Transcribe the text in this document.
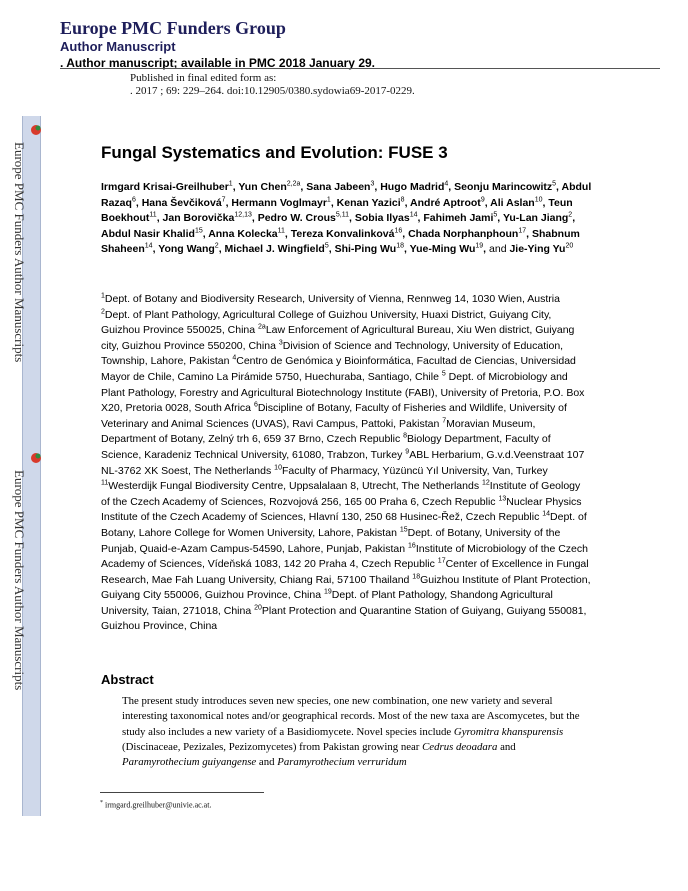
Europe PMC Funders Author Manuscripts
Europe PMC Funders Author Manuscripts
Europe PMC Funders Group
Author Manuscript
. Author manuscript; available in PMC 2018 January 29.
Published in final edited form as:
. 2017 ; 69: 229–264. doi:10.12905/0380.sydowia69-2017-0229.
Fungal Systematics and Evolution: FUSE 3
Irmgard Krisai-Greilhuber$^1$, Yun Chen$^{2,2a}$, Sana Jabeen$^3$, Hugo Madrid$^4$, Seonju Marincowitz$^5$, Abdul Razaq$^6$, Hana Ševčiková$^7$, Hermann Voglmayr$^1$, Kenan Yazici$^8$, André Aptroot$^9$, Ali Aslan$^{10}$, Teun Boekhout$^{11}$, Jan Borovička$^{12,13}$, Pedro W. Crous$^{5,11}$, Sobia Ilyas$^{14}$, Fahimeh Jami$^5$, Yu-Lan Jiang$^2$, Abdul Nasir Khalid$^{15}$, Anna Kolecka$^{11}$, Tereza Konvalinková$^{16}$, Chada Norphanphoun$^{17}$, Shabnum Shaheen$^{14}$, Yong Wang$^2$, Michael J. Wingfield$^5$, Shi-Ping Wu$^{18}$, Yue-Ming Wu$^{19}$, and Jie-Ying Yu$^{20}$
$^1$Dept. of Botany and Biodiversity Research, University of Vienna, Rennweg 14, 1030 Wien, Austria $^2$Dept. of Plant Pathology, Agricultural College of Guizhou University, Huaxi District, Guiyang City, Guizhou Province 550025, China $^{2a}$Law Enforcement of Agricultural Bureau, Xiu Wen district, Guiyang city, Guizhou Province 550200, China $^3$Division of Science and Technology, University of Education, Township, Lahore, Pakistan $^4$Centro de Genómica y Bioinformática, Facultad de Ciencias, Universidad Mayor de Chile, Camino La Pirámide 5750, Huechuraba, Santiago, Chile $^5$ Dept. of Microbiology and Plant Pathology, Forestry and Agricultural Biotechnology Institute (FABI), University of Pretoria, P.O. Box X20, Pretoria 0028, South Africa $^6$Discipline of Botany, Faculty of Fisheries and Wildlife, University of Veterinary and Animal Sciences (UVAS), Ravi Campus, Pattoki, Pakistan $^7$Moravian Museum, Department of Botany, Zelný trh 6, 659 37 Brno, Czech Republic $^8$Biology Department, Faculty of Science, Karadeniz Technical University, 61080, Trabzon, Turkey $^9$ABL Herbarium, G.v.d.Veenstraat 107 NL-3762 XK Soest, The Netherlands $^{10}$Faculty of Pharmacy, Yüzüncü Yıl University, Van, Turkey $^{11}$Westerdijk Fungal Biodiversity Centre, Uppsalalaan 8, Utrecht, The Netherlands $^{12}$Institute of Geology of the Czech Academy of Sciences, Rozvojová 256, 165 00 Praha 6, Czech Republic $^{13}$Nuclear Physics Institute of the Czech Academy of Sciences, Hlavní 130, 250 68 Husinec-Řež, Czech Republic $^{14}$Dept. of Botany, Lahore College for Women University, Lahore, Pakistan $^{15}$Dept. of Botany, University of the Punjab, Quaid-e-Azam Campus-54590, Lahore, Punjab, Pakistan $^{16}$Institute of Microbiology of the Czech Academy of Sciences, Vídeňská 1083, 142 20 Praha 4, Czech Republic $^{17}$Center of Excellence in Fungal Research, Mae Fah Luang University, Chiang Rai, 57100 Thailand $^{18}$Guizhou Institute of Plant Protection, Guiyang City 550006, Guizhou Province, China $^{19}$Dept. of Plant Pathology, Shandong Agricultural University, Taian, 271018, China $^{20}$Plant Protection and Quarantine Station of Guiyang, Guiyang 550081, Guizhou Province, China
Abstract
The present study introduces seven new species, one new combination, one new variety and several interesting taxonomical notes and/or geographical records. Most of the new taxa are Ascomycetes, but the study also includes a new variety of a Basidiomycete. Novel species include Gyromitra khanspurensis (Discinaceae, Pezizales, Pezizomycetes) from Pakistan growing near Cedrus deoadara and Paramyrothecium guiyangense and Paramyrothecium verruridum
* irmgard.greilhuber@univie.ac.at.
